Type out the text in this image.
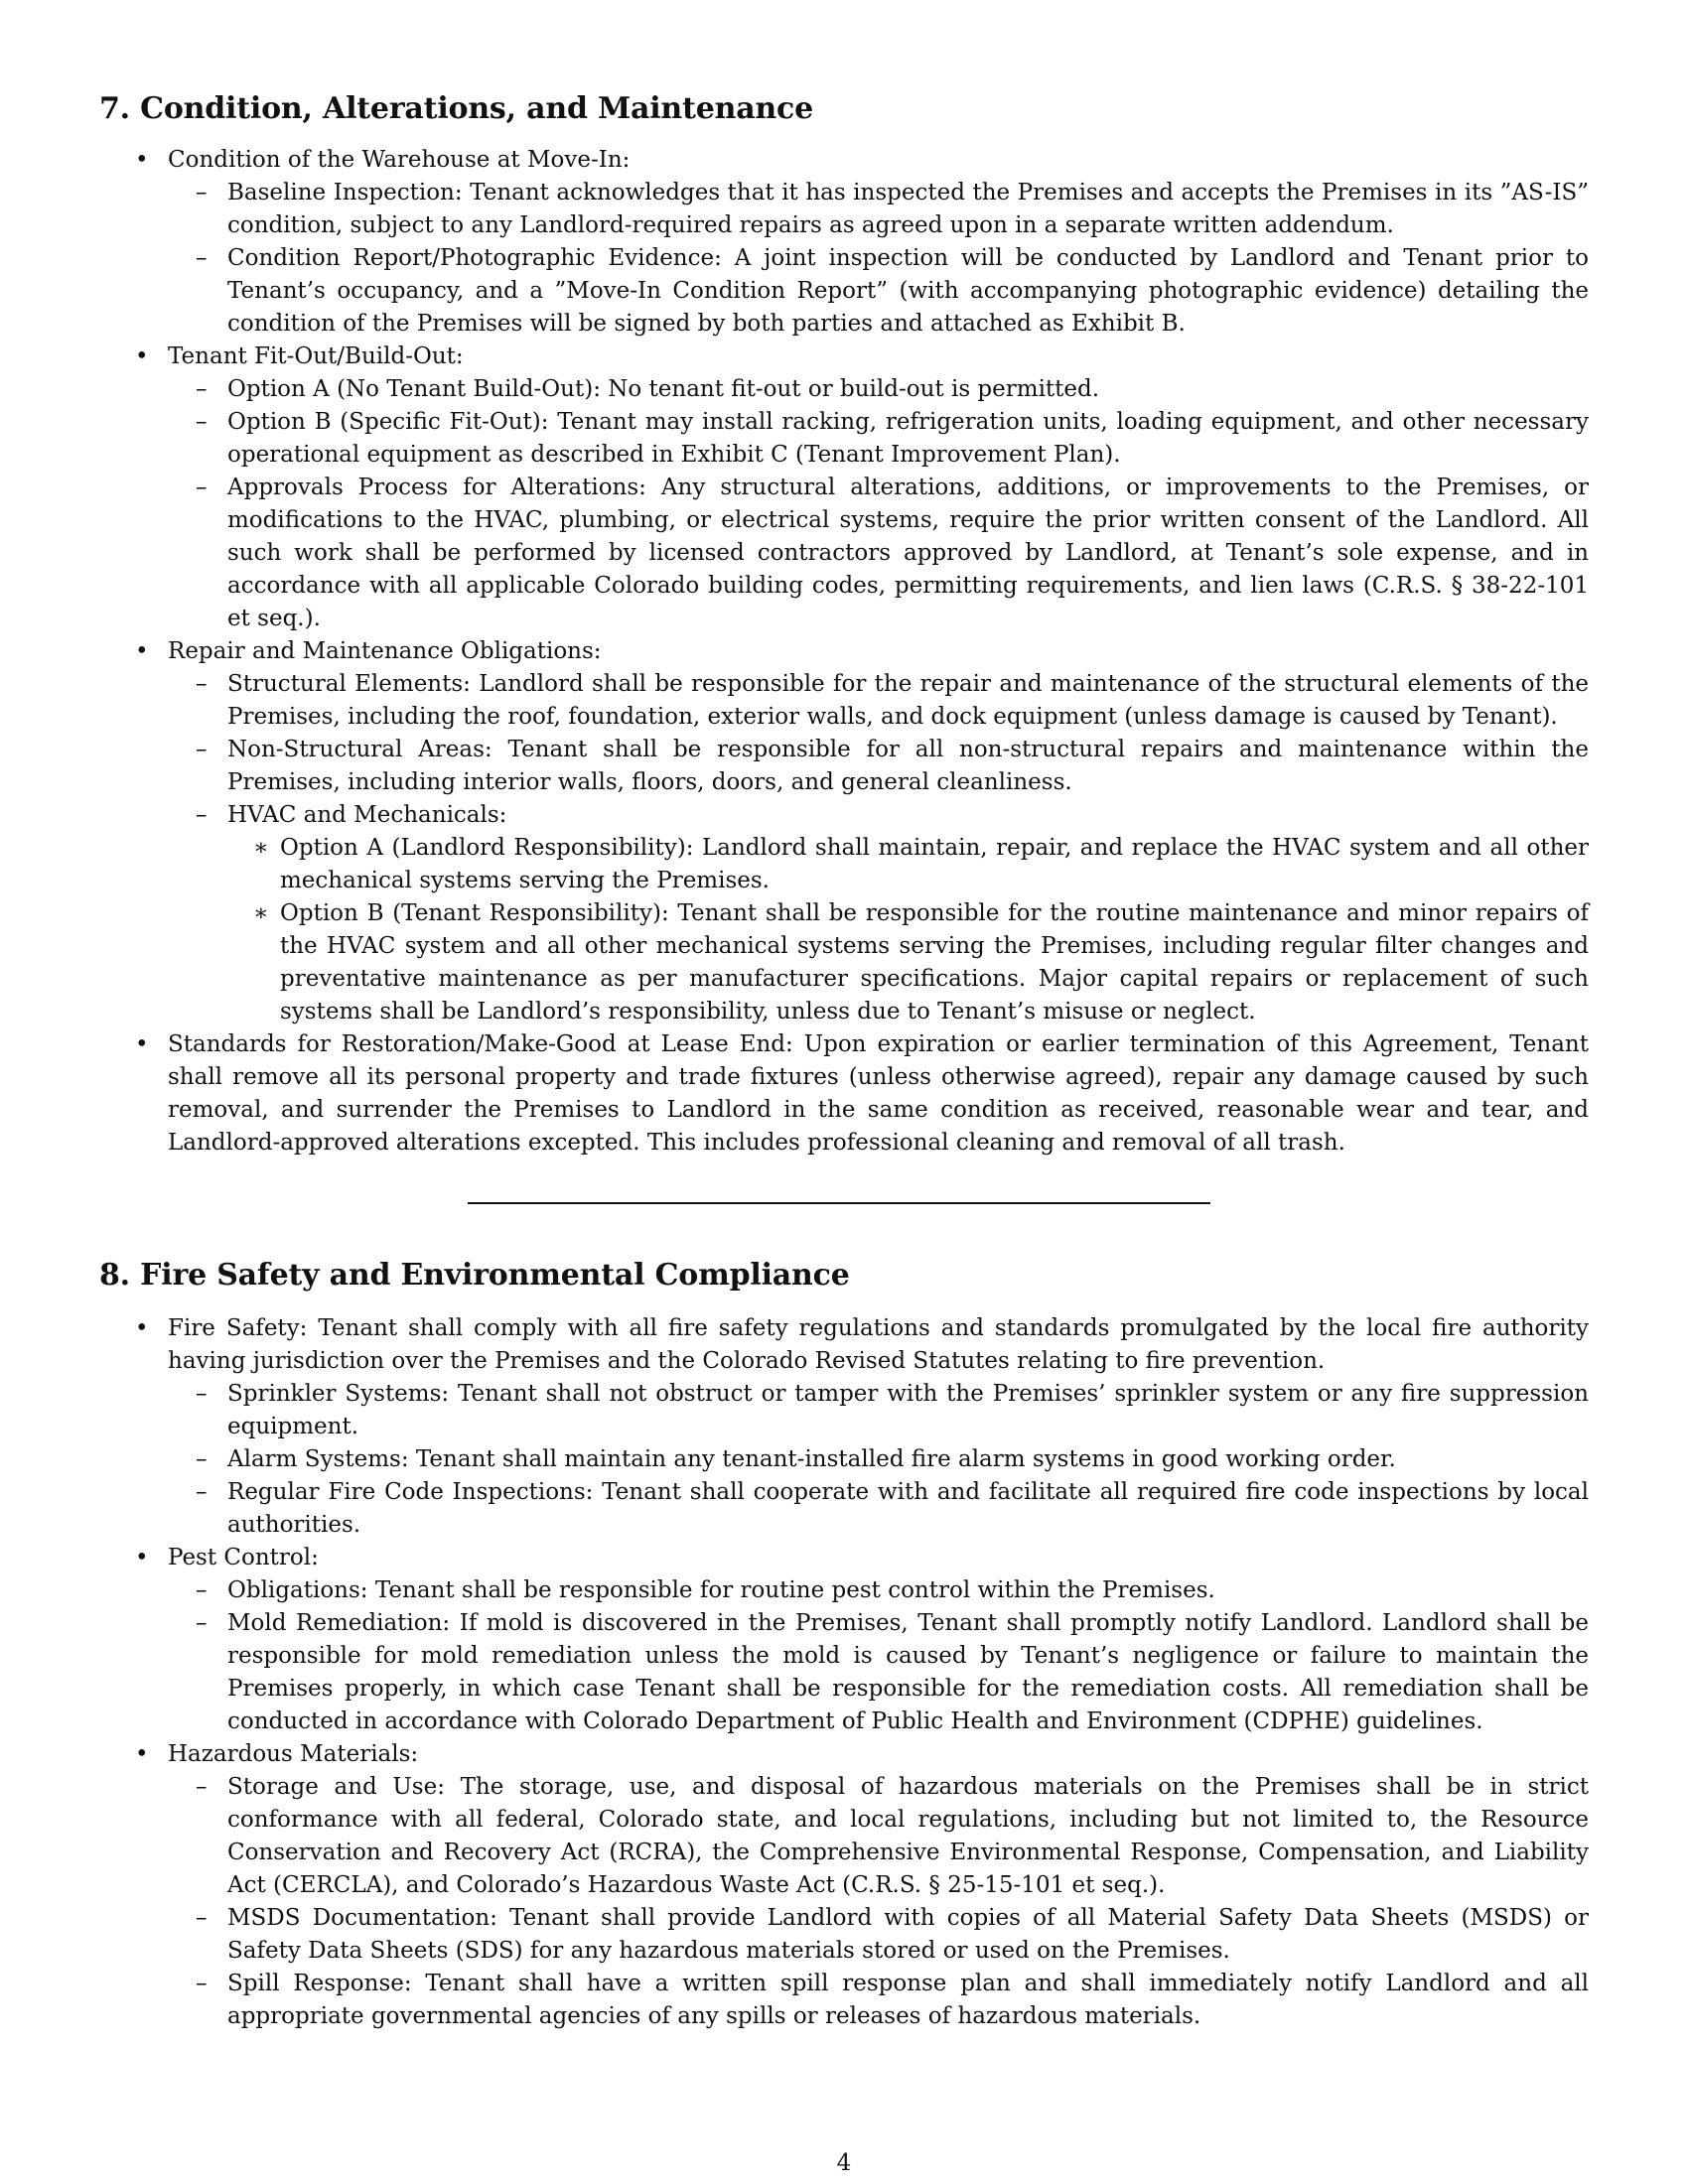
7. Condition, Alterations, and Maintenance
• Condition of the Warehouse at Move-In:
– Baseline Inspection: Tenant acknowledges that it has inspected the Premises and accepts the Premises in its ”AS-IS” condition, subject to any Landlord-required repairs as agreed upon in a separate written addendum.
– Condition Report/Photographic Evidence: A joint inspection will be conducted by Landlord and Tenant prior to Tenant’s occupancy, and a ”Move-In Condition Report” (with accompanying photographic evidence) detailing the condition of the Premises will be signed by both parties and attached as Exhibit B.
• Tenant Fit-Out/Build-Out:
– Option A (No Tenant Build-Out): No tenant fit-out or build-out is permitted.
– Option B (Specific Fit-Out): Tenant may install racking, refrigeration units, loading equipment, and other necessary operational equipment as described in Exhibit C (Tenant Improvement Plan).
– Approvals Process for Alterations: Any structural alterations, additions, or improvements to the Premises, or modifications to the HVAC, plumbing, or electrical systems, require the prior written consent of the Landlord. All such work shall be performed by licensed contractors approved by Landlord, at Tenant’s sole expense, and in accordance with all applicable Colorado building codes, permitting requirements, and lien laws (C.R.S. § 38-22-101 et seq.).
• Repair and Maintenance Obligations:
– Structural Elements: Landlord shall be responsible for the repair and maintenance of the structural elements of the Premises, including the roof, foundation, exterior walls, and dock equipment (unless damage is caused by Tenant).
– Non-Structural Areas: Tenant shall be responsible for all non-structural repairs and maintenance within the Premises, including interior walls, floors, doors, and general cleanliness.
– HVAC and Mechanicals:
∗ Option A (Landlord Responsibility): Landlord shall maintain, repair, and replace the HVAC system and all other mechanical systems serving the Premises.
∗ Option B (Tenant Responsibility): Tenant shall be responsible for the routine maintenance and minor repairs of the HVAC system and all other mechanical systems serving the Premises, including regular filter changes and preventative maintenance as per manufacturer specifications. Major capital repairs or replacement of such systems shall be Landlord’s responsibility, unless due to Tenant’s misuse or neglect.
• Standards for Restoration/Make-Good at Lease End: Upon expiration or earlier termination of this Agreement, Tenant shall remove all its personal property and trade fixtures (unless otherwise agreed), repair any damage caused by such removal, and surrender the Premises to Landlord in the same condition as received, reasonable wear and tear, and Landlord-approved alterations excepted. This includes professional cleaning and removal of all trash.
8. Fire Safety and Environmental Compliance
• Fire Safety: Tenant shall comply with all fire safety regulations and standards promulgated by the local fire authority having jurisdiction over the Premises and the Colorado Revised Statutes relating to fire prevention.
– Sprinkler Systems: Tenant shall not obstruct or tamper with the Premises’ sprinkler system or any fire suppression equipment.
– Alarm Systems: Tenant shall maintain any tenant-installed fire alarm systems in good working order.
– Regular Fire Code Inspections: Tenant shall cooperate with and facilitate all required fire code inspections by local authorities.
• Pest Control:
– Obligations: Tenant shall be responsible for routine pest control within the Premises.
– Mold Remediation: If mold is discovered in the Premises, Tenant shall promptly notify Landlord. Landlord shall be responsible for mold remediation unless the mold is caused by Tenant’s negligence or failure to maintain the Premises properly, in which case Tenant shall be responsible for the remediation costs. All remediation shall be conducted in accordance with Colorado Department of Public Health and Environment (CDPHE) guidelines.
• Hazardous Materials:
– Storage and Use: The storage, use, and disposal of hazardous materials on the Premises shall be in strict conformance with all federal, Colorado state, and local regulations, including but not limited to, the Resource Conservation and Recovery Act (RCRA), the Comprehensive Environmental Response, Compensation, and Liability Act (CERCLA), and Colorado’s Hazardous Waste Act (C.R.S. § 25-15-101 et seq.).
– MSDS Documentation: Tenant shall provide Landlord with copies of all Material Safety Data Sheets (MSDS) or Safety Data Sheets (SDS) for any hazardous materials stored or used on the Premises.
– Spill Response: Tenant shall have a written spill response plan and shall immediately notify Landlord and all appropriate governmental agencies of any spills or releases of hazardous materials.
4
